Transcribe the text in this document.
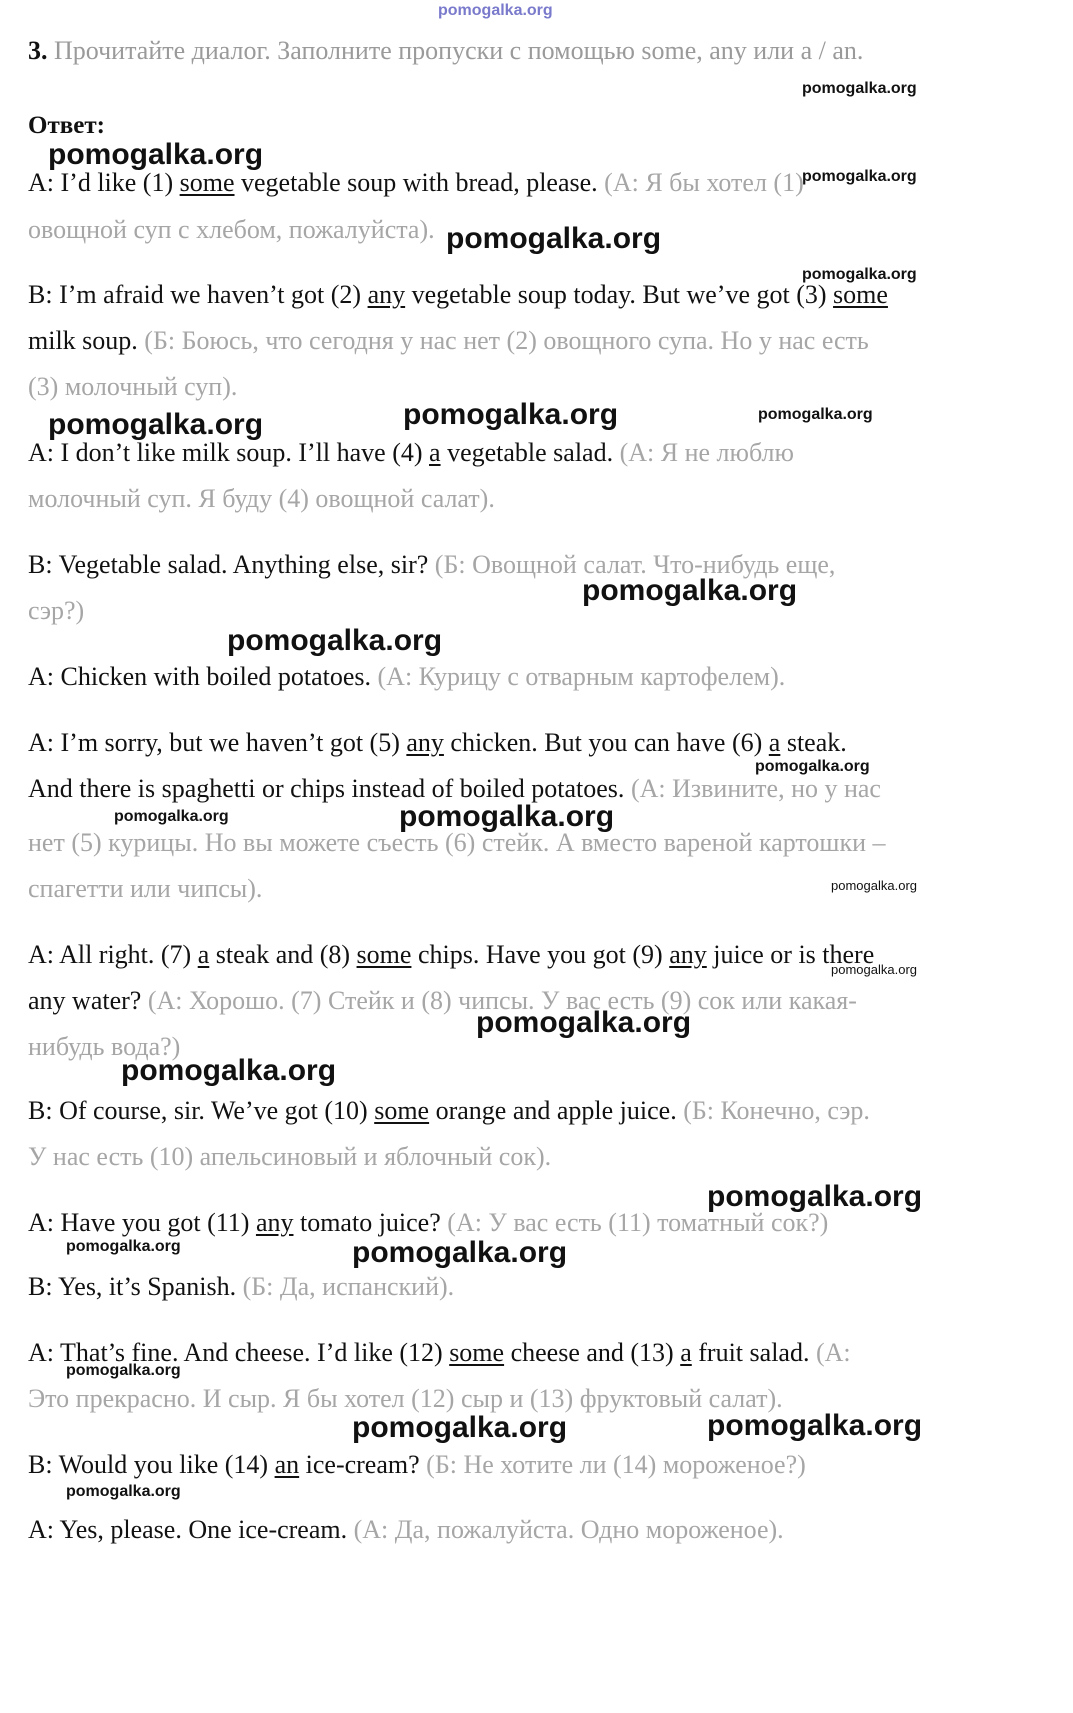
pomogalka.org
3. Прочитайте диалог. Заполните пропуски с помощью some, any или a / an.
Ответ:

A: I’d like (1) some vegetable soup with bread, please. (А: Я бы хотел (1)

овощной суп с хлебом, пожалуйста).

B: I’m afraid we haven’t got (2) any vegetable soup today. But we’ve got (3) some

milk soup. (Б: Боюсь, что сегодня у нас нет (2) овощного супа. Но у нас есть

(3) молочный суп).

A: I don’t like milk soup. I’ll have (4) a vegetable salad. (А: Я не люблю

молочный суп. Я буду (4) овощной салат).

B: Vegetable salad. Anything else, sir? (Б: Овощной салат. Что-нибудь еще,

сэр?)

A: Chicken with boiled potatoes. (А: Курицу с отварным картофелем).

A: I’m sorry, but we haven’t got (5) any chicken. But you can have (6) a steak.

And there is spaghetti or chips instead of boiled potatoes. (А: Извините, но у нас

нет (5) курицы. Но вы можете съесть (6) стейк. А вместо вареной картошки –

спагетти или чипсы).

A: All right. (7) a steak and (8) some chips. Have you got (9) any juice or is there

any water? (А: Хорошо. (7) Стейк и (8) чипсы. У вас есть (9) сок или какая-

нибудь вода?)

B: Of course, sir. We’ve got (10) some orange and apple juice. (Б: Конечно, сэр.

У нас есть (10) апельсиновый и яблочный сок).

A: Have you got (11) any tomato juice? (А: У вас есть (11) томатный сок?)

B: Yes, it’s Spanish. (Б: Да, испанский).

A: That’s fine. And cheese. I’d like (12) some cheese and (13) a fruit salad. (А:

Это прекрасно. И сыр. Я бы хотел (12) сыр и (13) фруктовый салат).

B: Would you like (14) an ice-cream? (Б: Не хотите ли (14) мороженое?)

A: Yes, please. One ice-cream. (А: Да, пожалуйста. Одно мороженое).

pomogalka.org
pomogalka.org
pomogalka.org
pomogalka.org
pomogalka.org
pomogalka.org	pomogalka.org	pomogalka.org
pomogalka.org
pomogalka.org
pomogalka.org
pomogalka.org	pomogalka.org
pomogalka.org
pomogalka.org
pomogalka.org
pomogalka.org
pomogalka.org
pomogalka.org	pomogalka.org
pomogalka.org
pomogalka.org	pomogalka.org
pomogalka.org
